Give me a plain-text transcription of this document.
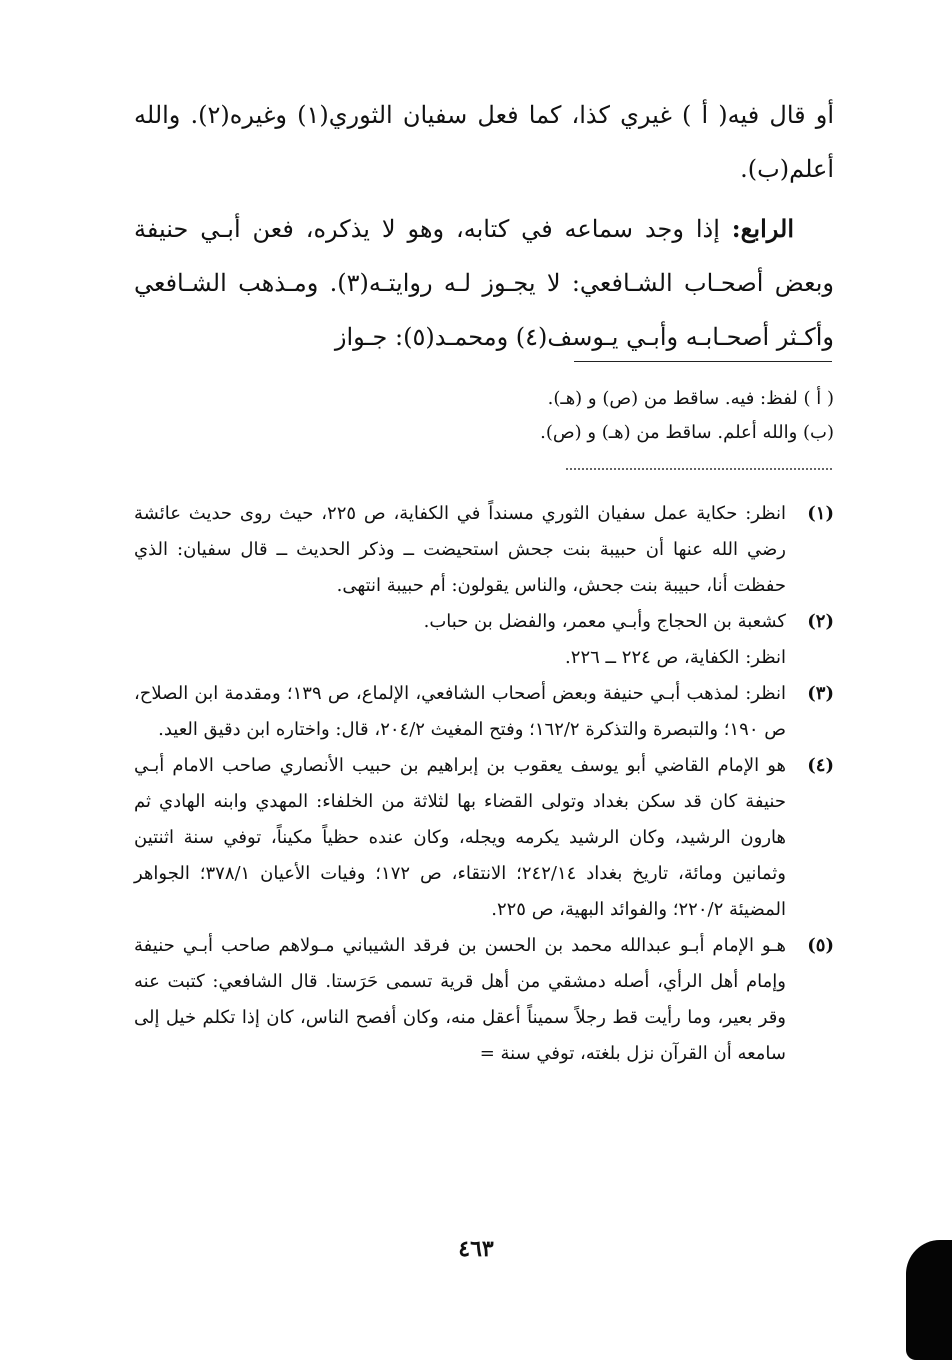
أو قال فيه( أ ) غيري كذا، كما فعل سفيان الثوري(١) وغيره(٢). والله أعلم(ب).

الرابع: إذا وجد سماعه في كتابه، وهو لا يذكره، فعن أبـي حنيفة وبعض أصحـاب الشـافعي: لا يجـوز لـه روايتـه(٣). ومـذهب الشـافعي وأكـثر أصحـابـه وأبـي يـوسف(٤) ومحمـد(٥): جـواز

( أ ) لفظ: فيه. ساقط من (ص) و (هـ).
(ب) والله أعلم. ساقط من (هـ) و (ص).

(١)
انظر: حكاية عمل سفيان الثوري مسنداً في الكفاية، ص ٢٢٥، حيث روى حديث عائشة رضي الله عنها أن حبيبة بنت جحش استحيضت ــ وذكر الحديث ــ قال سفيان: الذي حفظت أنا، حبيبة بنت جحش، والناس يقولون: أم حبيبة انتهى.

(٢)
كشعبة بن الحجاج وأبـي معمر، والفضل بن حباب.
انظر: الكفاية، ص ٢٢٤ ــ ٢٢٦.

(٣)
انظر: لمذهب أبـي حنيفة وبعض أصحاب الشافعي، الإلماع، ص ١٣٩؛ ومقدمة ابن الصلاح، ص ١٩٠؛ والتبصرة والتذكرة ١٦٢/٢؛ وفتح المغيث ٢٠٤/٢، قال: واختاره ابن دقيق العيد.

(٤)
هو الإمام القاضي أبو يوسف يعقوب بن إبراهيم بن حبيب الأنصاري صاحب الامام أبـي حنيفة كان قد سكن بغداد وتولى القضاء بها لثلاثة من الخلفاء: المهدي وابنه الهادي ثم هارون الرشيد، وكان الرشيد يكرمه ويجله، وكان عنده حظياً مكيناً، توفي سنة اثنتين وثمانين ومائة، تاريخ بغداد ٢٤٢/١٤؛ الانتقاء، ص ١٧٢؛ وفيات الأعيان ٣٧٨/١؛ الجواهر المضيئة ٢٢٠/٢؛ والفوائد البهية، ص ٢٢٥.

(٥)
هـو الإمام أبـو عبدالله محمد بن الحسن بن فرقد الشيباني مـولاهم صاحب أبـي حنيفة وإمام أهل الرأي، أصله دمشقي من أهل قرية تسمى حَرَستا. قال الشافعي: كتبت عنه وقر بعير، وما رأيت قط رجلاً سميناً أعقل منه، وكان أفصح الناس، كان إذا تكلم خيل إلى سامعه أن القرآن نزل بلغته، توفي سنة =

٤٦٣
